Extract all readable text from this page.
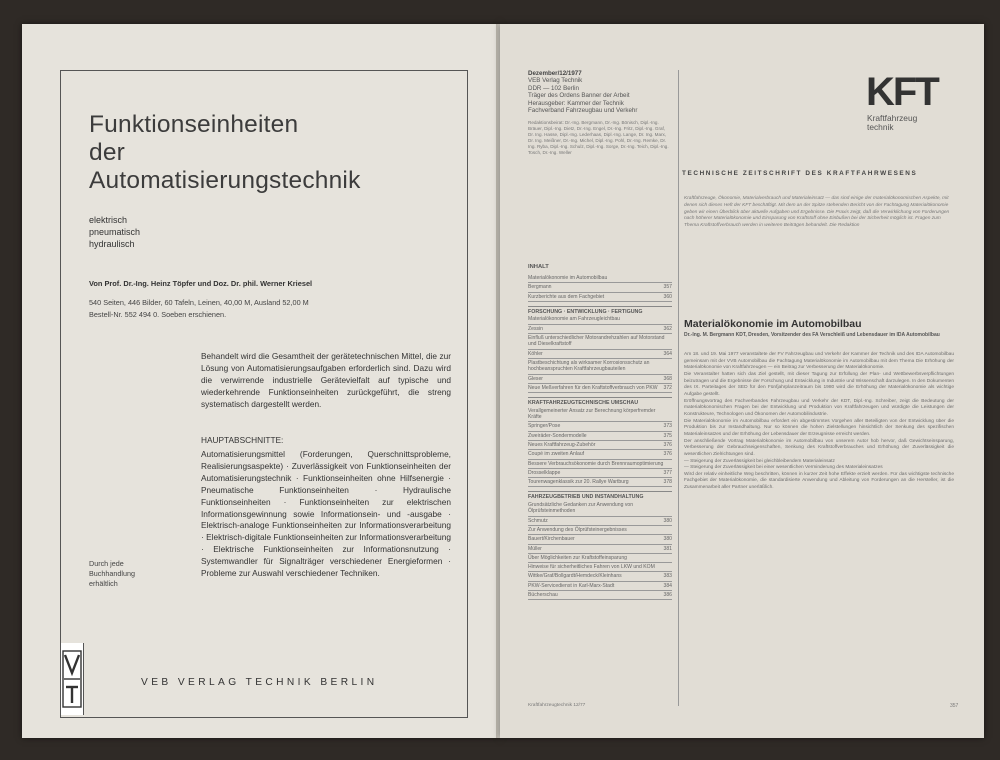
Funktionseinheiten
der
Automatisierungstechnik
elektrisch
pneumatisch
hydraulisch
Von Prof. Dr.-Ing. Heinz Töpfer und Doz. Dr. phil. Werner Kriesel
540 Seiten, 446 Bilder, 60 Tafeln, Leinen, 40,00 M, Ausland 52,00 M
Bestell-Nr. 552 494 0. Soeben erschienen.
Behandelt wird die Gesamtheit der gerätetechnischen Mittel, die zur Lösung von Automatisierungsaufgaben erforderlich sind. Dazu wird die verwirrende industrielle Gerätevielfalt auf typische und wiederkehrende Funktionseinheiten zurückgeführt, die streng systematisch dargestellt werden.
HAUPTABSCHNITTE:
Automatisierungsmittel (Forderungen, Querschnittsprobleme, Realisierungsaspekte) · Zuverlässigkeit von Funktionseinheiten der Automatisierungstechnik · Funktionseinheiten ohne Hilfsenergie · Pneumatische Funktionseinheiten · Hydraulische Funktionseinheiten · Funktionseinheiten zur elektrischen Informationsgewinnung sowie Informationsein- und -ausgabe · Elektrisch-analoge Funktionseinheiten zur Informationsverarbeitung · Elektrisch-digitale Funktionseinheiten zur Informationsverarbeitung · Elektrische Funktionseinheiten zur Informationsnutzung · Systemwandler für Signalträger verschiedener Energieformen · Probleme zur Auswahl verschiedener Techniken.
Durch jede Buchhandlung erhältlich
VEB VERLAG TECHNIK BERLIN
Dezember/12/1977
VEB Verlag Technik
DDR — 102 Berlin
Träger des Ordens Banner der Arbeit
Herausgeber: Kammer der Technik
Fachverband Fahrzeugbau und Verkehr
Redaktionsbeirat: Dr.-Ing. Bergmann, Dr.-Ing. Bönisch, Dipl.-Ing. Bräuer, Dipl.-Ing. Dietz, Dr.-Ing. Engel, Dr.-Ing. Fritz, Dipl.-Ing. Graf, Dr. Ing. Hasse, Dipl.-Ing. Lederhaas, Dipl.-Ing. Lange, Dr. Ing. Marx, Dr. Ing. Meißner, Dr.-Ing. Michel, Dipl.-Ing. Pohl, Dr.-Ing. Remke, Dr. Ing. Ryba, Dipl.-Ing. Schulz, Dipl.-Ing. Sorge, Dr.-Ing. Teich, Dipl.-Ing. Tosch, Dr.-Ing. Weller
INHALT
Materialökonomie im Automobilbau
Bergmann	357
Kurzberichte aus dem Fachgebiet	360
FORSCHUNG · ENTWICKLUNG · FERTIGUNG
Materialökonomie am Fahrzeugleichtbau
Zessin	362
Einfluß unterschiedlicher Motorandrehzahlen auf Motorstand und Dieselkraftstoff
Köhler	364
Plastbeschichtung als wirksamer Korrosionsschutz an hochbeanspruchten Kraftfahrzeugbauteilen
Gleser	368
Neue Meßverfahren für den Kraftstoffverbrauch von PKW 372
KRAFTFAHRZEUGTECHNISCHE UMSCHAU
Verallgemeinerter Ansatz zur Berechnung körperfremder Kräfte
Springer/Pose	373
Zweiräder-Sondermodelle	375
Neues Kraftfahrzeug-Zubehör	376
Coupé im zweiten Anlauf	376
Bessere Verbrauchsökonomie durch Brennraumoptimierung
Drosselklappe	377
Tourenwagenklassik zur 20. Rallye Wartburg	378
FAHRZEUGBETRIEB UND INSTANDHALTUNG
Grundsätzliche Gedanken zur Anwendung von Ölprüfsteinmethoden
Schmutz	380
Zur Anwendung des Ölprüfsteinergebnisses
Bauert/Kirchenbauer	380
Müller	381
Über Möglichkeiten zur Kraftstoffeinsparung
Hinweise für sicherheitliches Fahren von LKW und KOM
Wittke/Graf/Bollgardt/Hemdeck/Kleinhans	383
PKW-Servicedienst in Karl-Marx-Stadt	384
Bücherschau	386
Kraftfahrzeugtechnik 12/77
KFT
Kraftfahrzeug
technik
TECHNISCHE ZEITSCHRIFT DES KRAFTFAHRWESENS
Kraftfahrzeuge, Ökonomie, Materialverbrauch und Materialeinsatz — das sind einige der materialökonomischen Aspekte, mit denen sich dieses Heft der KFT beschäftigt. Mit dem an der Spitze stehenden Bericht von der Fachtagung Materialökonomie geben wir einen Überblick über aktuelle Aufgaben und Ergebnisse. Die Praxis zeigt, daß die Verwirklichung von Forderungen nach höherer Materialökonomie und Einsparung von Kraftstoff ohne Einbußen bei der Sicherheit möglich ist. Fragen zum Thema Kraftstoffverbrauch werden in weiteren Beiträgen behandelt. Die Redaktion
Materialökonomie im Automobilbau
Dr.-Ing. M. Bergmann KDT, Dresden, Vorsitzender des FA Verschleiß und Lebensdauer im IDA Automobilbau

Am 18. und 19. Mai 1977 veranstaltete der FV Fahrzeugbau und Verkehr der Kammer der Technik und des IDA Automobilbau gemeinsam mit der VVB Automobilbau die Fachtagung Materialökonomie im Automobilbau mit dem Thema Die Erhöhung der Materialökonomie von Kraftfahrzeugen — ein Beitrag zur Verbesserung der Materialökonomie.

Die Veranstalter hatten sich das Ziel gestellt, mit dieser Tagung zur Erfüllung der Plan- und Wettbewerbsverpflichtungen beizutragen und die Ergebnisse der Forschung und Entwicklung in Industrie und Wissenschaft darzulegen. In den Dokumenten des IX. Parteitages der SED für den Fünfjahrplanzeitraum bis 1980 wird die Erhöhung der Materialökonomie als wichtige Aufgabe gestellt.

Eröffnungsvortrag des Fachverbandes Fahrzeugbau und Verkehr der KDT, Dipl.-Ing. Schreiber, zeigt die Bedeutung der materialökonomischen Fragen bei der Entwicklung und Produktion von Kraftfahrzeugen und würdigte die Leistungen der Konstrukteure, Technologen und Ökonomen der Automobilindustrie.

Die Materialökonomie im Automobilbau erfordert ein abgestimmtes Vorgehen aller Beteiligten von der Entwicklung über die Produktion bis zur Instandhaltung. Nur so können die hohen Zielstellungen hinsichtlich der Senkung des spezifischen Materialeinsatzes und der Erhöhung der Lebensdauer der Erzeugnisse erreicht werden.

Der anschließende Vortrag Materialökonomie im Automobilbau von unserem Autor hob hervor, daß Gewichtseinsparung, Verbesserung der Gebrauchseigenschaften, Senkung des Kraftstoffverbrauches und Erhöhung der Zuverlässigkeit die wesentlichen Zielrichtungen sind.

— Steigerung der Zuverlässigkeit bei gleichbleibendem Materialeinsatz

— Steigerung der Zuverlässigkeit bei einer wesentlichen Verminderung des Materialeinsatzes

Wird der relativ einheitliche Weg beschritten, können in kurzer Zeit hohe Effekte erzielt werden. Für das wichtigste technische Fachgebiet der Materialökonomie, die standardisierte Anwendung und Ableitung von Forderungen an die Hersteller, ist die Zusammenarbeit aller Partner unerläßlich.

357
